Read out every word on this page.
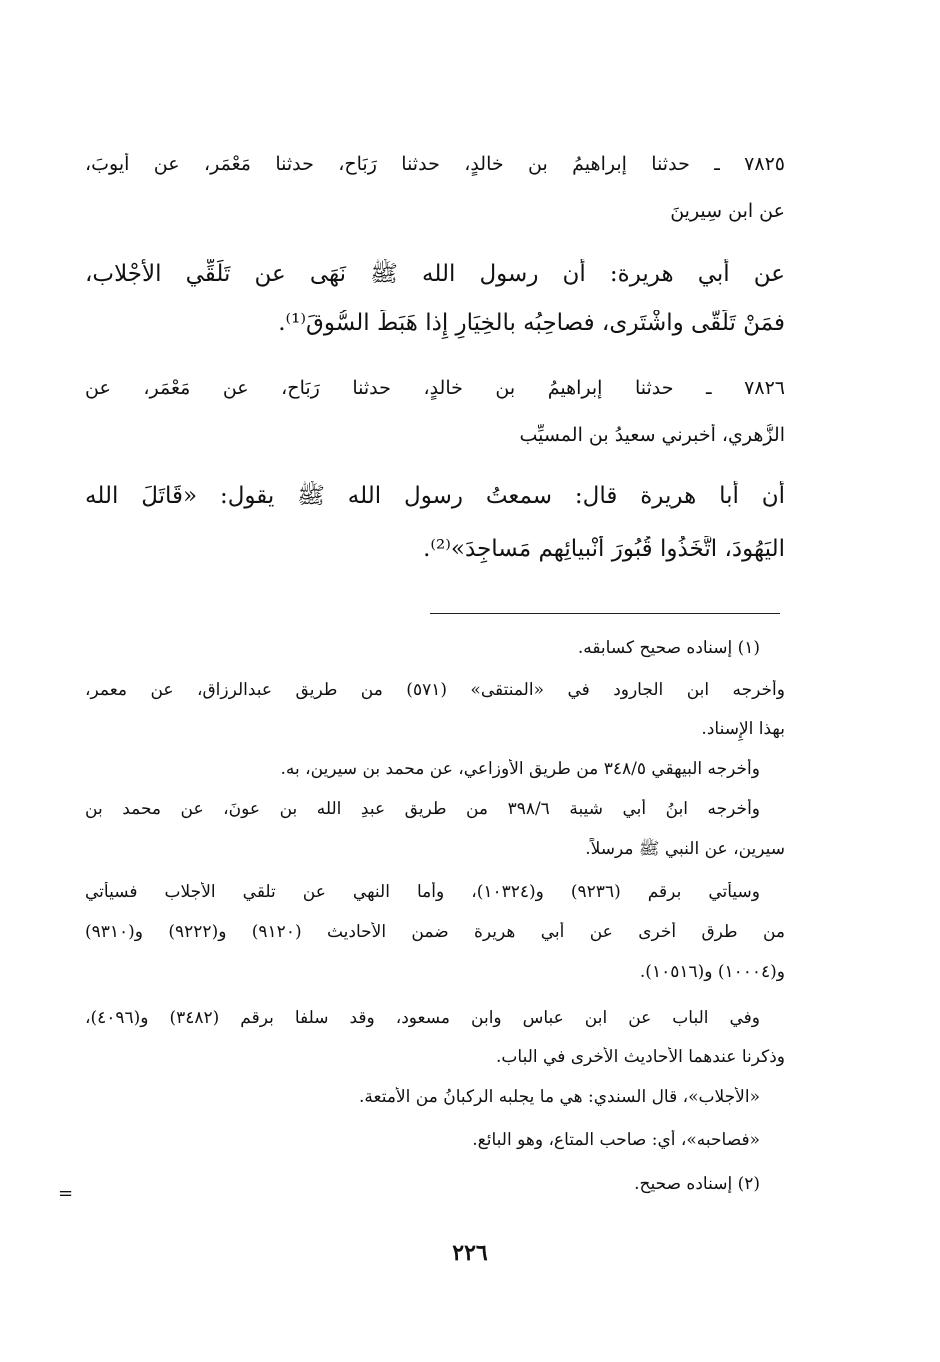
٧٨٢٥ ـ حدثنا إبراهيمُ بن خالدٍ، حدثنا رَبَاح، حدثنا مَعْمَر، عن أَيوبَ،
عن ابن سِيرينَ
عن أَبي هريرة: أَن رسول الله ﷺ نَهَى عن تَلَقِّي الأَجْلاب،
فمَنْ تَلَقَّى واشْتَرى، فصاحِبُه بالخِيَارِ إِذا هَبَطَ السُّوقَ⁽¹⁾.
٧٨٢٦ ـ حدثنا إبراهيمُ بن خالدٍ، حدثنا رَبَاح، عن مَعْمَر، عن
الزُّهري، أَخبرني سعيدُ بن المسيِّب
أَن أَبا هريرة قال: سمعتُ رسول الله ﷺ يقول: «قَاتَلَ الله
اليَهُودَ، اتَّخَذُوا قُبُورَ أَنْبيائِهم مَساجِدَ»⁽²⁾.
(١) إسناده صحيح كسابقه.
وأَخرجه ابن الجارود في «المنتقى» (٥٧١) من طريق عبدالرزاق، عن معمر،
بهذا الإِسناد.
وأَخرجه البيهقي ٣٤٨/٥ من طريق الأوزاعي، عن محمد بن سيرين، به.
وأَخرجه ابنُ أَبي شيبة ٣٩٨/٦ من طريق عبدِ الله بن عونَ، عن محمد بن
سيرين، عن النبي ﷺ مرسلاً.
وسيأتي برقم (٩٢٣٦) و(١٠٣٢٤)، وأما النهي عن تلقي الأجلاب فسيأتي
من طرق أُخرى عن أَبي هريرة ضمن الأَحاديث (٩١٢٠) و(٩٢٢٢) و(٩٣١٠)
و(١٠٠٠٤) و(١٠٥١٦).
وفي الباب عن ابن عباس وابن مسعود، وقد سلفا برقم (٣٤٨٢) و(٤٠٩٦)،
وذكرنا عندهما الأَحاديث الأُخرى في الباب.
«الأَجلاب»، قال السندي: هي ما يجلبه الركبانُ من الأَمتعة.
«فصاحبه»، أي: صاحب المتاع، وهو البائع.
(٢) إسناده صحيح.
=
٢٢٦
